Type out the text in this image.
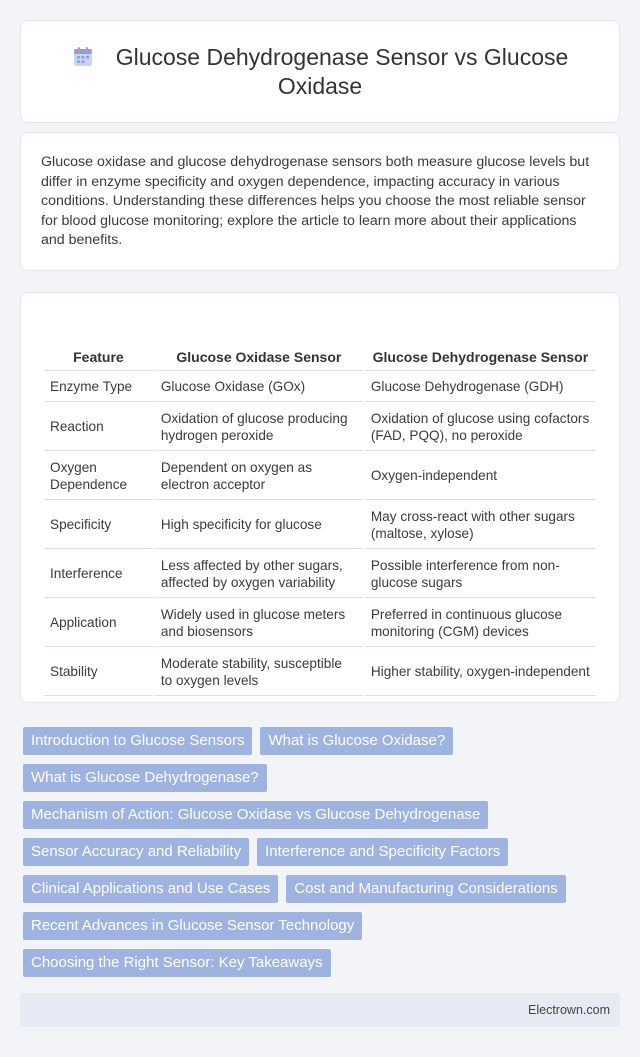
Glucose Dehydrogenase Sensor vs Glucose Oxidase

Glucose oxidase and glucose dehydrogenase sensors both measure glucose levels but differ in enzyme specificity and oxygen dependence, impacting accuracy in various conditions. Understanding these differences helps you choose the most reliable sensor for blood glucose monitoring; explore the article to learn more about their applications and benefits.

Feature	Glucose Oxidase Sensor	Glucose Dehydrogenase Sensor
Enzyme Type	Glucose Oxidase (GOx)	Glucose Dehydrogenase (GDH)
Reaction	Oxidation of glucose producing hydrogen peroxide	Oxidation of glucose using cofactors (FAD, PQQ), no peroxide
Oxygen Dependence	Dependent on oxygen as electron acceptor	Oxygen-independent
Specificity	High specificity for glucose	May cross-react with other sugars (maltose, xylose)
Interference	Less affected by other sugars, affected by oxygen variability	Possible interference from non-glucose sugars
Application	Widely used in glucose meters and biosensors	Preferred in continuous glucose monitoring (CGM) devices
Stability	Moderate stability, susceptible to oxygen levels	Higher stability, oxygen-independent
Introduction to Glucose Sensors	What is Glucose Oxidase?
What is Glucose Dehydrogenase?
Mechanism of Action: Glucose Oxidase vs Glucose Dehydrogenase
Sensor Accuracy and Reliability	Interference and Specificity Factors
Clinical Applications and Use Cases	Cost and Manufacturing Considerations
Recent Advances in Glucose Sensor Technology
Choosing the Right Sensor: Key Takeaways
Electrown.com
